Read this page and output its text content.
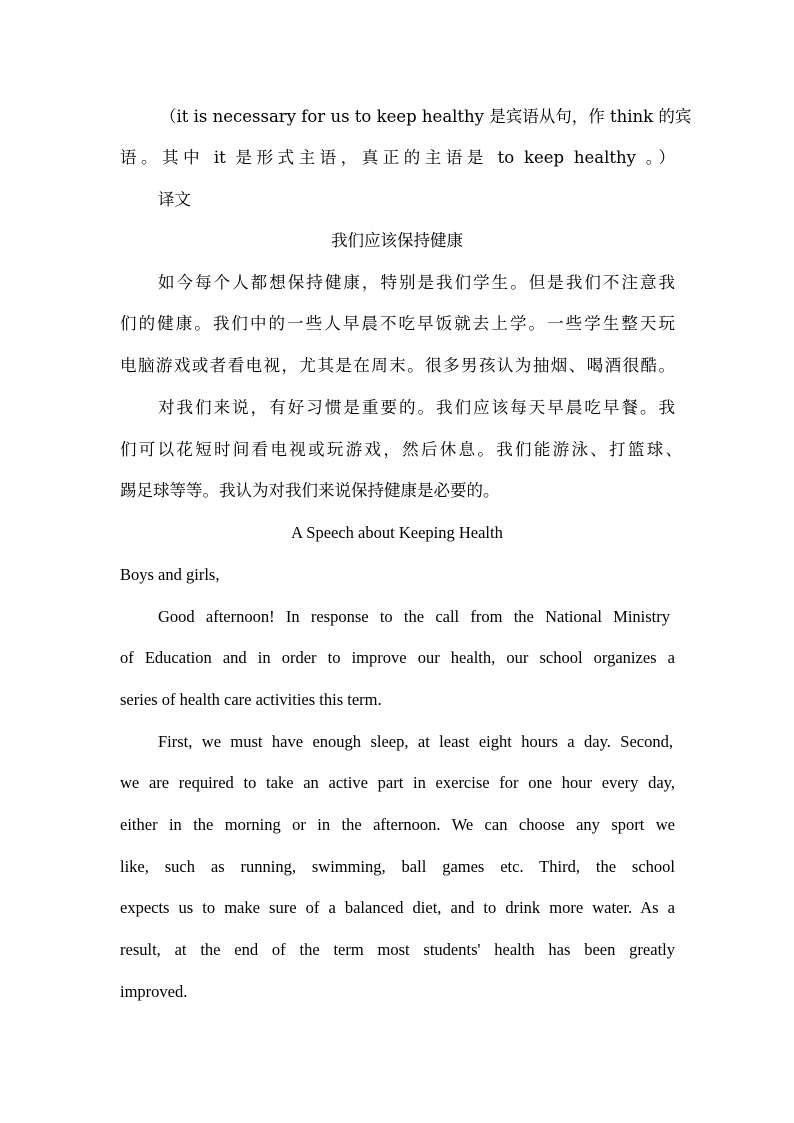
（it is necessary for us to keep healthy 是宾语从句，作 think 的宾
语。其中 it 是形式主语，真正的主语是 to keep healthy 。）
译文
我们应该保持健康
如今每个人都想保持健康，特别是我们学生。但是我们不注意我
们的健康。我们中的一些人早晨不吃早饭就去上学。一些学生整天玩
电脑游戏或者看电视，尤其是在周末。很多男孩认为抽烟、喝酒很酷。
对我们来说，有好习惯是重要的。我们应该每天早晨吃早餐。我
们可以花短时间看电视或玩游戏，然后休息。我们能游泳、打篮球、
踢足球等等。我认为对我们来说保持健康是必要的。
A Speech about Keeping Health
Boys and girls,
Good afternoon! In response to the call from the National Ministry
of Education and in order to improve our health, our school organizes a
series of health care activities this term.
First, we must have enough sleep, at least eight hours a day. Second,
we are required to take an active part in exercise for one hour every day,
either in the morning or in the afternoon. We can choose any sport we
like, such as running, swimming, ball games etc. Third, the school
expects us to make sure of a balanced diet, and to drink more water. As a
result, at the end of the term most students' health has been greatly
improved.
